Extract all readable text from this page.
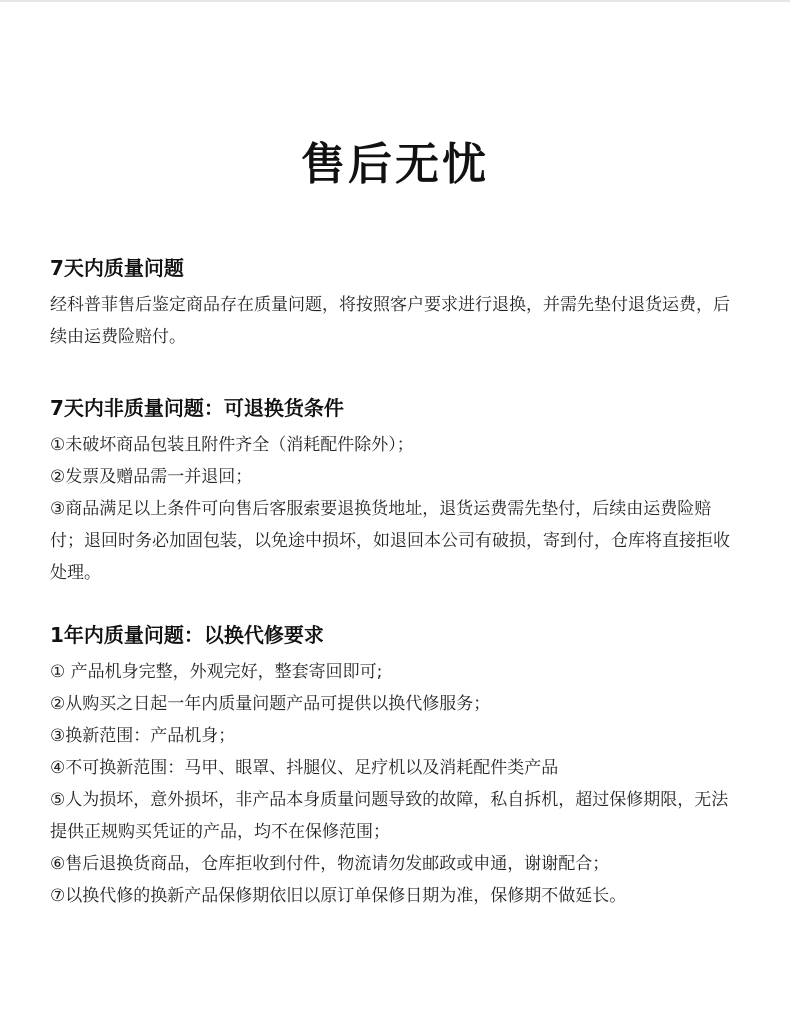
售后无忧
7天内质量问题

经科普菲售后鉴定商品存在质量问题，将按照客户要求进行退换，并需先垫付退货运费，后续由运费险赔付。

7天内非质量问题：可退换货条件

①未破坏商品包装且附件齐全（消耗配件除外）；

②发票及赠品需一并退回；

③商品满足以上条件可向售后客服索要退换货地址，退货运费需先垫付，后续由运费险赔付；退回时务必加固包装，以免途中损坏，如退回本公司有破损，寄到付，仓库将直接拒收处理。

1年内质量问题：以换代修要求

① 产品机身完整，外观完好，整套寄回即可;

②从购买之日起一年内质量问题产品可提供以换代修服务；

③换新范围：产品机身；

④不可换新范围：马甲、眼罩、抖腿仪、足疗机以及消耗配件类产品

⑤人为损坏，意外损坏，非产品本身质量问题导致的故障，私自拆机，超过保修期限，无法提供正规购买凭证的产品，均不在保修范围；

⑥售后退换货商品，仓库拒收到付件，物流请勿发邮政或申通，谢谢配合；

⑦以换代修的换新产品保修期依旧以原订单保修日期为准，保修期不做延长。
